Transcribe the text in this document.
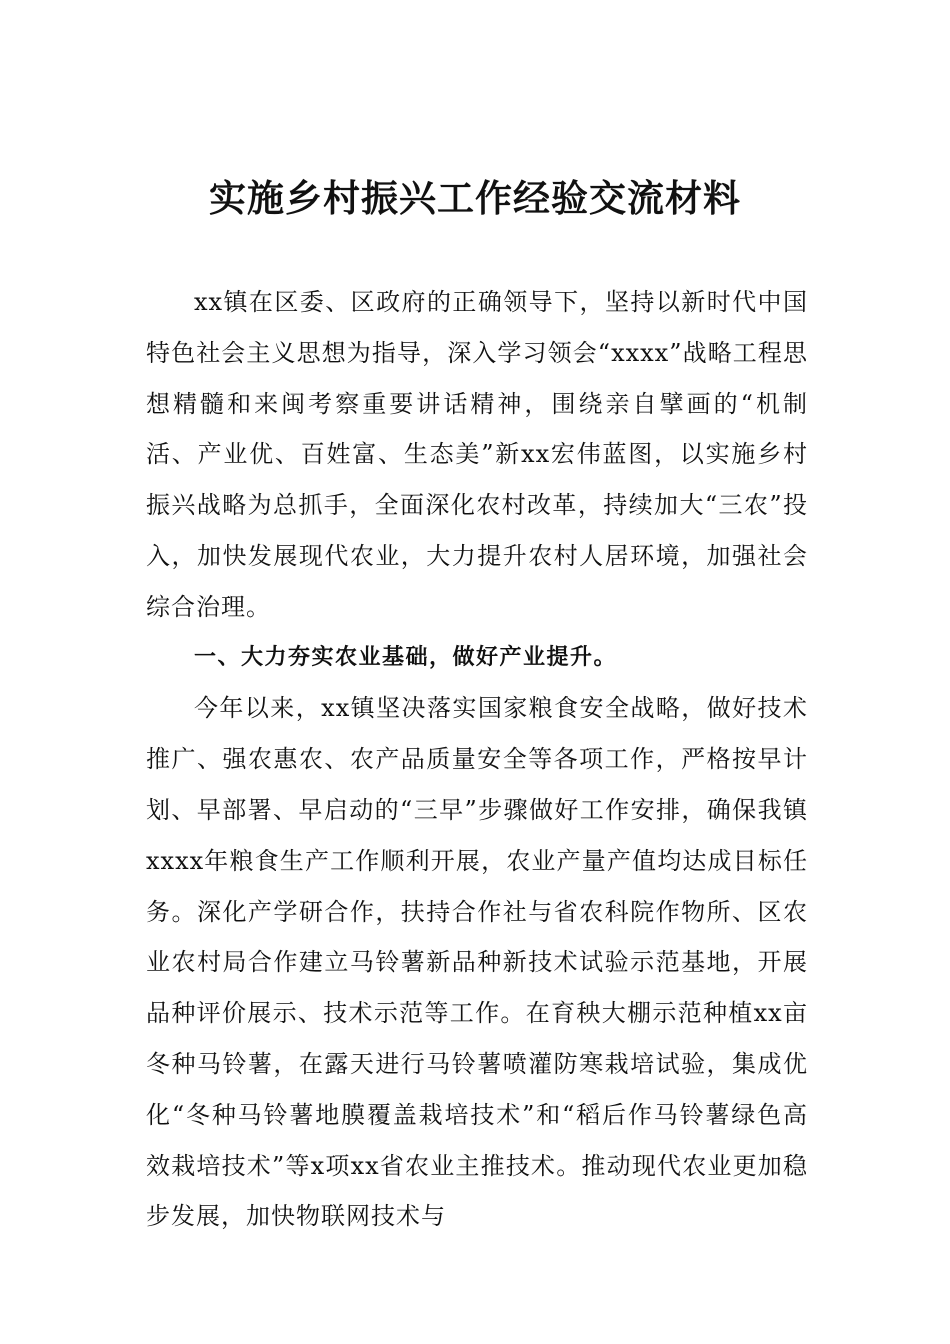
实施乡村振兴工作经验交流材料

xx镇在区委、区政府的正确领导下，坚持以新时代中国特色社会主义思想为指导，深入学习领会“xxxx”战略工程思想精髓和来闽考察重要讲话精神，围绕亲自擘画的“机制活、产业优、百姓富、生态美”新xx宏伟蓝图，以实施乡村振兴战略为总抓手，全面深化农村改革，持续加大“三农”投入，加快发展现代农业，大力提升农村人居环境，加强社会综合治理。

一、大力夯实农业基础，做好产业提升。

今年以来，xx镇坚决落实国家粮食安全战略，做好技术推广、强农惠农、农产品质量安全等各项工作，严格按早计划、早部署、早启动的“三早”步骤做好工作安排，确保我镇xxxx年粮食生产工作顺利开展，农业产量产值均达成目标任务。深化产学研合作，扶持合作社与省农科院作物所、区农业农村局合作建立马铃薯新品种新技术试验示范基地，开展品种评价展示、技术示范等工作。在育秧大棚示范种植xx亩冬种马铃薯，在露天进行马铃薯喷灌防寒栽培试验，集成优化“冬种马铃薯地膜覆盖栽培技术”和“稻后作马铃薯绿色高效栽培技术”等x项xx省农业主推技术。推动现代农业更加稳步发展，加快物联网技术与
